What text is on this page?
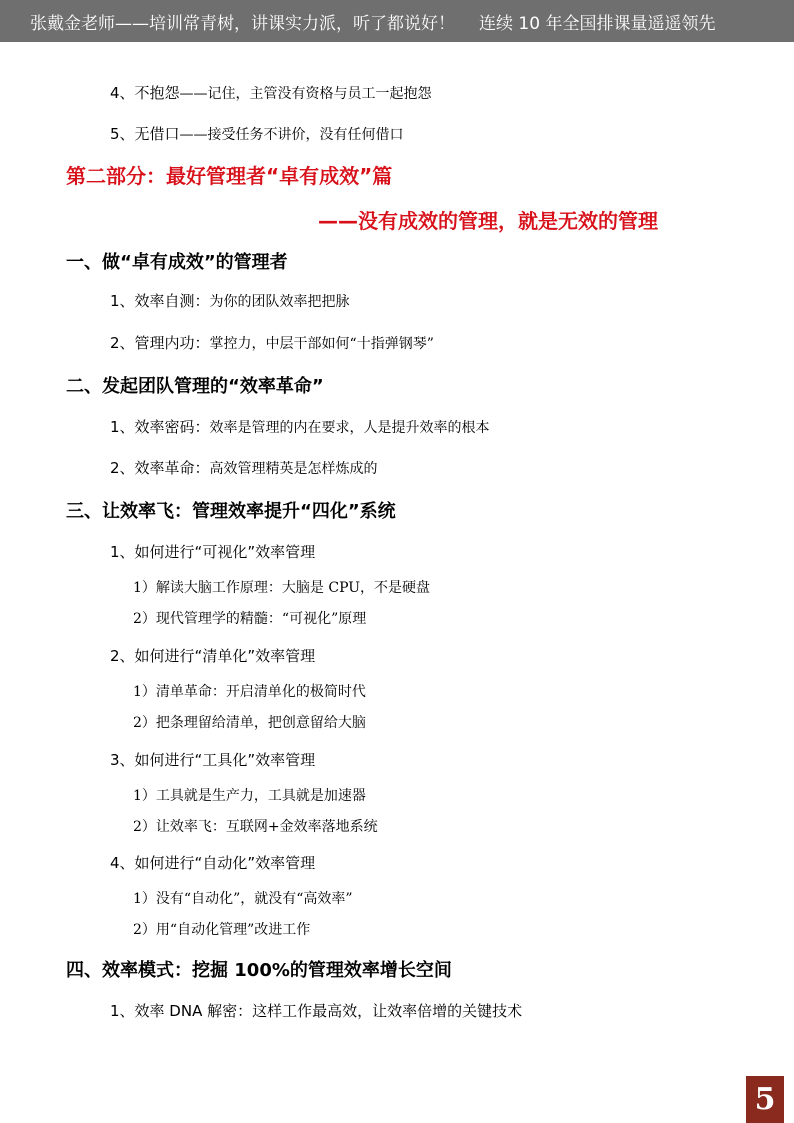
张戴金老师——培训常青树，讲课实力派，听了都说好！ 连续 10 年全国排课量遥遥领先
4、不抱怨——记住，主管没有资格与员工一起抱怨
5、无借口——接受任务不讲价，没有任何借口
第二部分：最好管理者“卓有成效”篇
——没有成效的管理，就是无效的管理
一、做“卓有成效”的管理者
1、效率自测：为你的团队效率把把脉
2、管理内功：掌控力，中层干部如何“十指弹钢琴”
二、发起团队管理的“效率革命”
1、效率密码：效率是管理的内在要求，人是提升效率的根本
2、效率革命：高效管理精英是怎样炼成的
三、让效率飞：管理效率提升“四化”系统
1、如何进行“可视化”效率管理
1）解读大脑工作原理：大脑是 CPU，不是硬盘
2）现代管理学的精髓：“可视化”原理
2、如何进行“清单化”效率管理
1）清单革命：开启清单化的极简时代
2）把条理留给清单，把创意留给大脑
3、如何进行“工具化”效率管理
1）工具就是生产力，工具就是加速器
2）让效率飞：互联网+金效率落地系统
4、如何进行“自动化”效率管理
1）没有“自动化”，就没有“高效率”
2）用“自动化管理”改进工作
四、效率模式：挖掘 100%的管理效率增长空间
1、效率 DNA 解密：这样工作最高效，让效率倍增的关键技术
5
